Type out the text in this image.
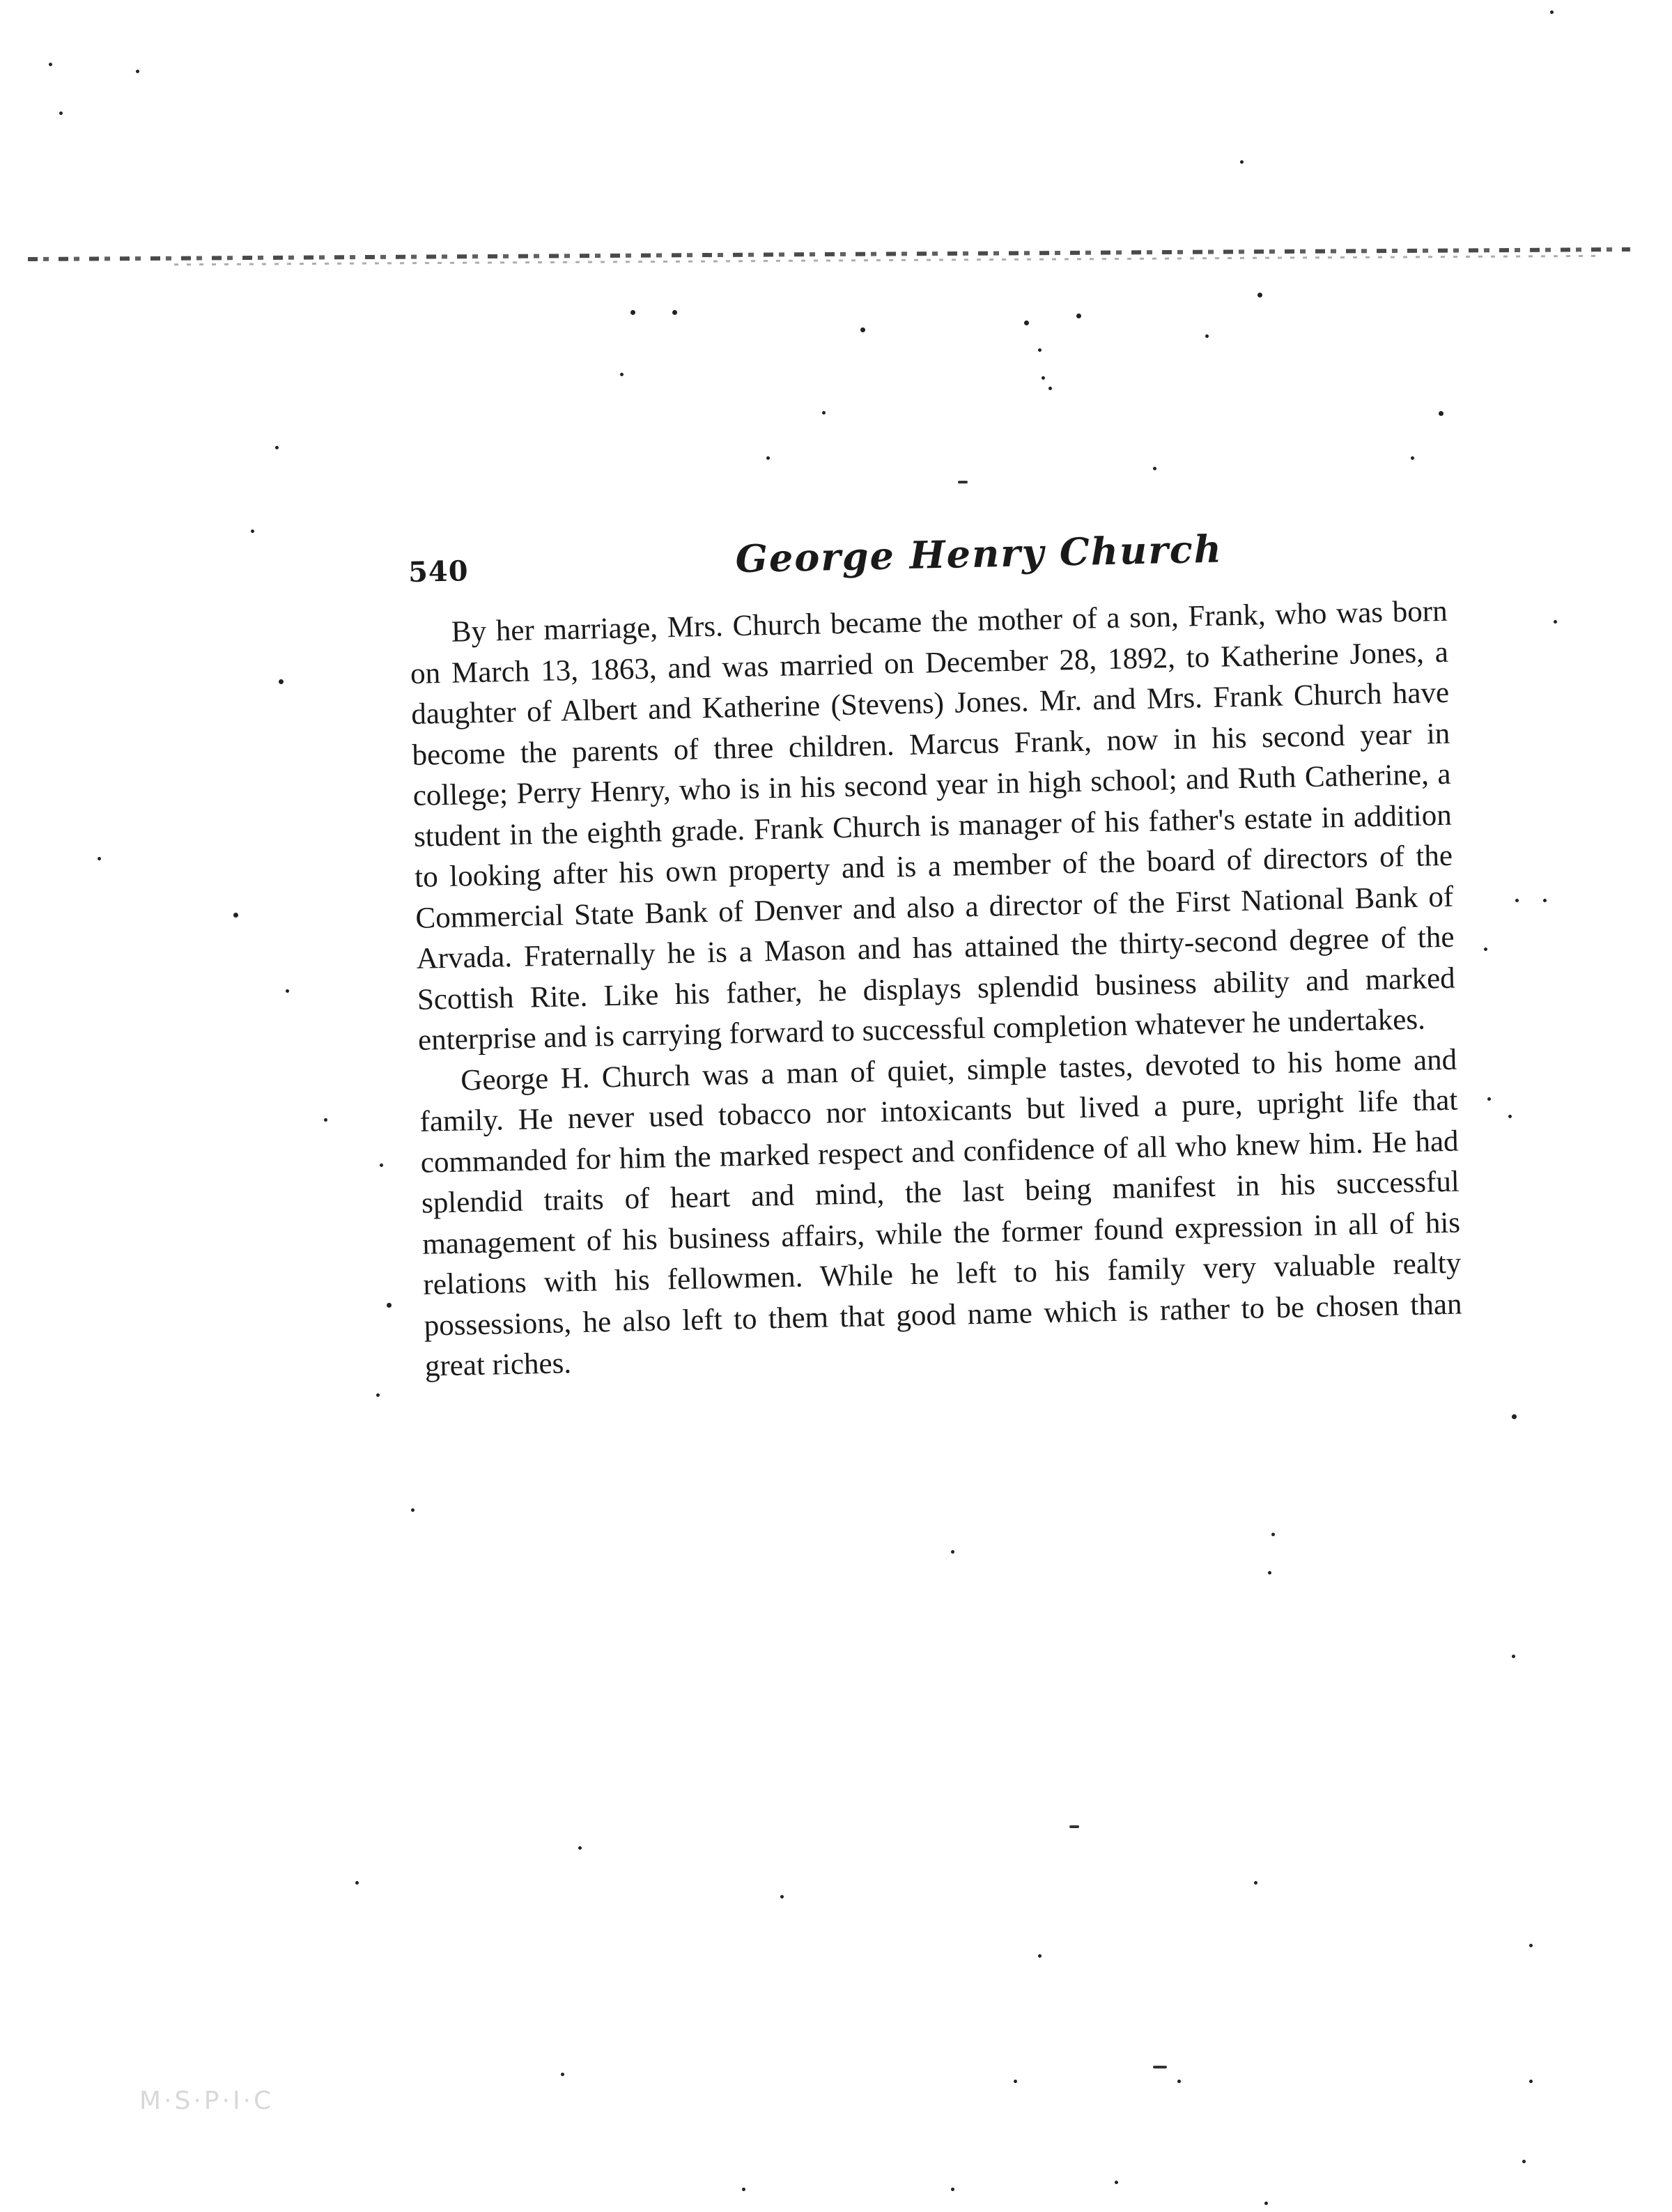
M·S·P·I·C
540	George Henry Church

By her marriage, Mrs. Church became the mother of a son, Frank, who was born on March 13, 1863, and was married on December 28, 1892, to Katherine Jones, a daughter of Albert and Katherine (Stevens) Jones. Mr. and Mrs. Frank Church have become the parents of three children. Marcus Frank, now in his second year in college; Perry Henry, who is in his second year in high school; and Ruth Catherine, a student in the eighth grade. Frank Church is manager of his father's estate in addition to looking after his own property and is a member of the board of directors of the Commercial State Bank of Denver and also a director of the First National Bank of Arvada. Fraternally he is a Mason and has attained the thirty-second degree of the Scottish Rite. Like his father, he displays splendid business ability and marked enterprise and is carrying forward to successful completion whatever he undertakes.

George H. Church was a man of quiet, simple tastes, devoted to his home and family. He never used tobacco nor intoxicants but lived a pure, upright life that commanded for him the marked respect and confidence of all who knew him. He had splendid traits of heart and mind, the last being manifest in his successful management of his business affairs, while the former found expression in all of his relations with his fellowmen. While he left to his family very valuable realty possessions, he also left to them that good name which is rather to be chosen than great riches.
